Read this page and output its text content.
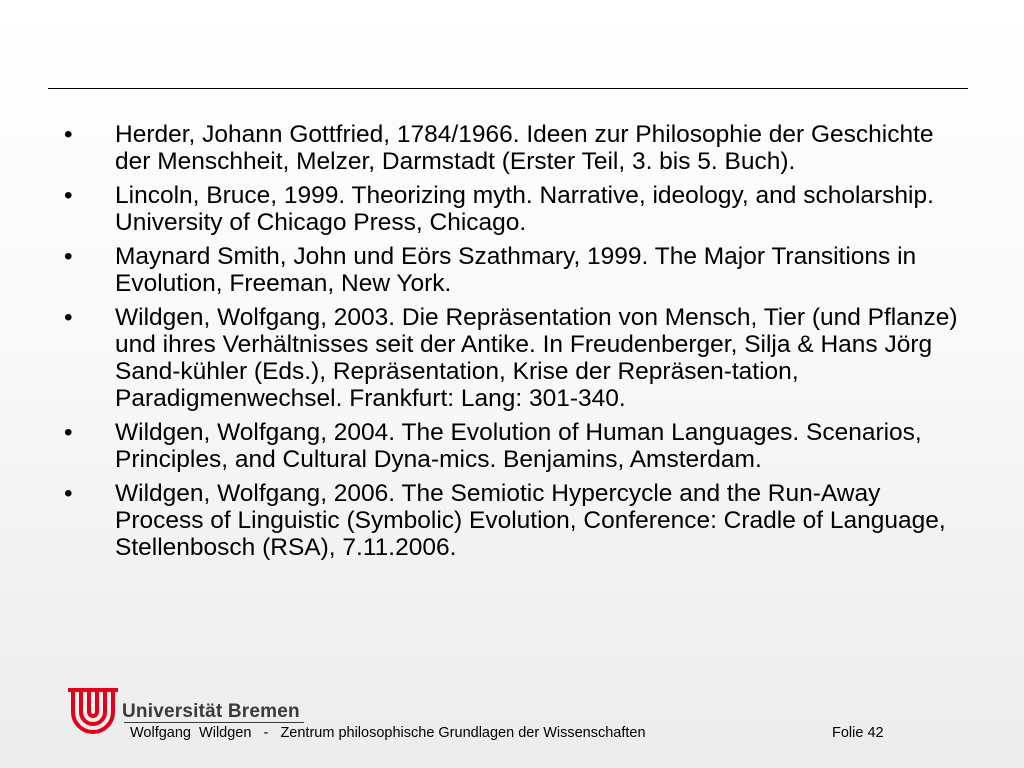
•	Herder, Johann Gottfried, 1784/1966. Ideen zur Philosophie der Geschichte der Menschheit, Melzer, Darmstadt (Erster Teil, 3. bis 5. Buch).
•	Lincoln, Bruce, 1999. Theorizing myth. Narrative, ideology, and scholarship. University of Chicago Press, Chicago.
•	Maynard Smith, John und Eörs Szathmary, 1999. The Major Transitions in Evolution, Freeman, New York.
•	Wildgen, Wolfgang, 2003. Die Repräsentation von Mensch, Tier (und Pflanze) und ihres Verhältnisses seit der Antike. In Freudenberger, Silja & Hans Jörg Sand-kühler (Eds.), Repräsentation, Krise der Repräsen-tation, Paradigmenwechsel. Frankfurt: Lang: 301-340.
•	Wildgen, Wolfgang, 2004. The Evolution of Human Languages. Scenarios, Principles, and Cultural Dyna-mics. Benjamins, Amsterdam.
•	Wildgen, Wolfgang, 2006. The Semiotic Hypercycle and the Run-Away Process of Linguistic (Symbolic) Evolution, Conference: Cradle of Language, Stellenbosch (RSA), 7.11.2006.
Universität Bremen
Wolfgang  Wildgen   -   Zentrum philosophische Grundlagen der Wissenschaften	Folie 42
